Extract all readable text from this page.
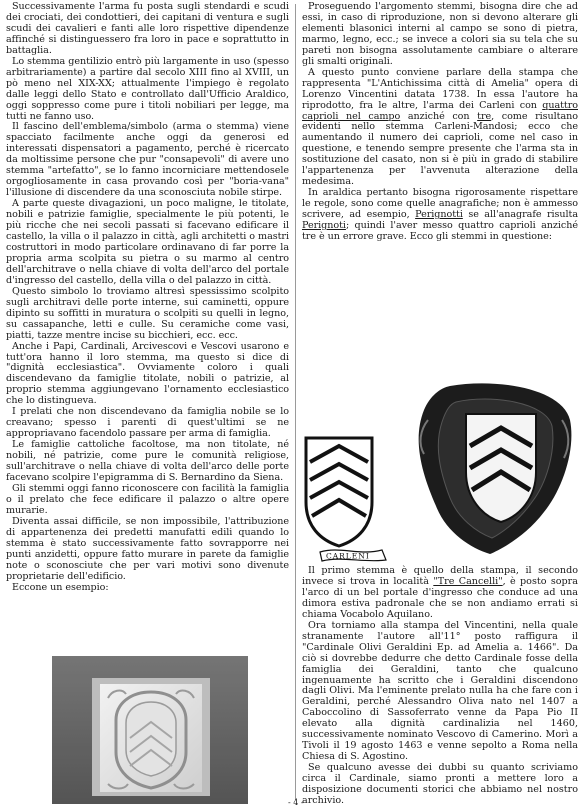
Successivamente l'arma fu posta sugli stendardi e scudi dei crociati, dei condottieri, dei capitani di ventura e sugli scudi dei cavalieri e fanti alle loro rispettive dipendenze affinché si distinguessero fra loro in pace e soprattutto in battaglia.

Lo stemma gentilizio entrò più largamente in uso (spesso arbitrariamente) a partire dal secolo XIII fino al XVIII, un pò meno nel XIX-XX; attualmente l'impiego è regolato dalle leggi dello Stato e controllato dall'Ufficio Araldico, oggi soppresso come pure i titoli nobiliari per legge, ma tutti ne fanno uso.

Il fascino dell'emblema/simbolo (arma o stemma) viene spacciato facilmente anche oggi da generosi ed interessati dispensatori a pagamento, perché è ricercato da moltissime persone che pur "consapevoli" di avere uno stemma "artefatto", se lo fanno incorniciare mettendosele orgogliosamente in casa provando così per "boria-vana" l'illusione di discendere da una sconosciuta nobile stirpe.

A parte queste divagazioni, un poco maligne, le titolate, nobili e patrizie famiglie, specialmente le più potenti, le più ricche che nei secoli passati si facevano edificare il castello, la villa o il palazzo in città, agli architetti o mastri costruttori in modo particolare ordinavano di far porre la propria arma scolpita su pietra o su marmo al centro dell'architrave o nella chiave di volta dell'arco del portale d'ingresso del castello, della villa o del palazzo in città.

Questo simbolo lo troviamo altresì spessissimo scolpito sugli architravi delle porte interne, sui caminetti, oppure dipinto su soffitti in muratura o scolpiti su quelli in legno, su cassapanche, letti e culle. Su ceramiche come vasi, piatti, tazze mentre incise su bicchieri, ecc. ecc.

Anche i Papi, Cardinali, Arcivescovi e Vescovi usarono e tutt'ora hanno il loro stemma, ma questo si dice di "dignità ecclesiastica". Ovviamente coloro i quali discendevano da famiglie titolate, nobili o patrizie, al proprio stemma aggiungevano l'ornamento ecclesiastico che lo distingueva.

I prelati che non discendevano da famiglia nobile se lo creavano; spesso i parenti di quest'ultimi se ne appropriavano facendolo passare per arma di famiglia.

Le famiglie cattoliche facoltose, ma non titolate, né nobili, né patrizie, come pure le comunità religiose, sull'architrave o nella chiave di volta dell'arco delle porte facevano scolpire l'epigramma di S. Bernardino da Siena.

Gli stemmi oggi fanno riconoscere con facilità la famiglia o il prelato che fece edificare il palazzo o altre opere murarie.

Diventa assai difficile, se non impossibile, l'attribuzione di appartenenza dei predetti manufatti edili quando lo stemma è stato successivamente fatto sovrapporre nei punti anzidetti, oppure fatto murare in parete da famiglie note o sconosciute che per vari motivi sono divenute proprietarie dell'edificio.

Eccone un esempio:

Proseguendo l'argomento stemmi, bisogna dire che ad essi, in caso di riproduzione, non si devono alterare gli elementi blasonici interni al campo se sono di pietra, marmo, legno, ecc.; se invece a colori sia su tela che su pareti non bisogna assolutamente cambiare o alterare gli smalti originali.

A questo punto conviene parlare della stampa che rappresenta "L'Antichissima città di Amelia" opera di Lorenzo Vincentini datata 1738. In essa l'autore ha riprodotto, fra le altre, l'arma dei Carleni con quattro caprioli nel campo anziché con tre, come risultano evidenti nello stemma Carleni-Mandosi; ecco che aumentando il numero dei caprioli, come nel caso in questione, e tenendo sempre presente che l'arma sta in sostituzione del casato, non si è più in grado di stabilire l'appartenenza per l'avvenuta alterazione della medesima.

In araldica pertanto bisogna rigorosamente rispettare le regole, sono come quelle anagrafiche; non è ammesso scrivere, ad esempio, Perignotti se all'anagrafe risulta Perignoti; quindi l'aver messo quattro caprioli anziché tre è un errore grave. Ecco gli stemmi in questione:

CARLENI

Il primo stemma è quello della stampa, il secondo invece si trova in località "Tre Cancelli", è posto sopra l'arco di un bel portale d'ingresso che conduce ad una dimora estiva padronale che se non andiamo errati si chiama Vocabolo Aquilano.

Ora torniamo alla stampa del Vincentini, nella quale stranamente l'autore all'11° posto raffigura il "Cardinale Olivi Geraldini Ep. ad Amelia a. 1466". Da ciò si dovrebbe dedurre che detto Cardinale fosse della famiglia dei Geraldini, tanto che qualcuno ingenuamente ha scritto che i Geraldini discendono dagli Olivi. Ma l'eminente prelato nulla ha che fare con i Geraldini, perché Alessandro Oliva nato nel 1407 a Caboccolino di Sassoferrato venne da Papa Pio II elevato alla dignità cardinalizia nel 1460, successivamente nominato Vescovo di Camerino. Morì a Tivoli il 19 agosto 1463 e venne sepolto a Roma nella Chiesa di S. Agostino.

Se qualcuno avesse dei dubbi su quanto scriviamo circa il Cardinale, siamo pronti a mettere loro a disposizione documenti storici che abbiamo nel nostro archivio.

- 4 -
